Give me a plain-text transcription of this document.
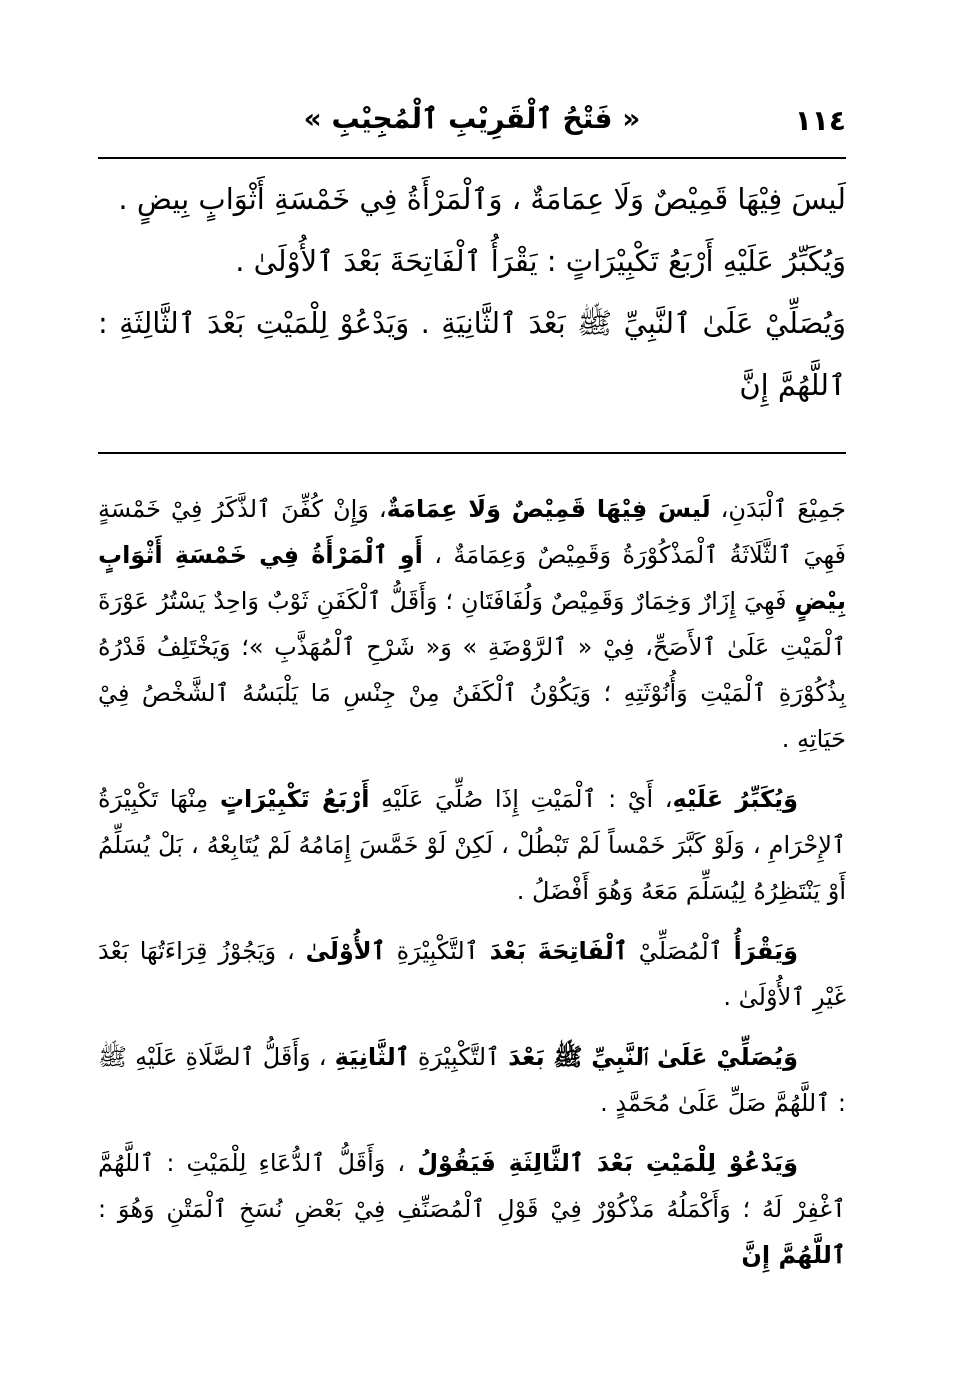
١١٤
« فَتْحُ ٱلْقَرِيْبِ ٱلْمُجِيْبِ »

لَيسَ فِيْهَا قَمِيْصٌ وَلَا عِمَامَةٌ ، وَٱلْمَرْأَةُ فِي خَمْسَةِ أَثْوَابٍ بِيضٍ .

وَيُكَبِّرُ عَلَيْهِ أَرْبَعُ تَكْبِيْرَاتٍ : يَقْرَأُ ٱلْفَاتِحَةَ بَعْدَ ٱلأُوْلَىٰ .

وَيُصَلِّيْ عَلَىٰ ٱلنَّبِيِّ ﷺ بَعْدَ ٱلثَّانِيَةِ . وَيَدْعُوْ لِلْمَيْتِ بَعْدَ ٱلثَّالِثَةِ : ٱللَّهُمَّ إِنَّ

جَمِيْعَ ٱلْبَدَنِ، لَيسَ فِيْهَا قَمِيْصٌ وَلَا عِمَامَةٌ، وَإِنْ كُفِّنَ ٱلذَّكَرُ فِيْ خَمْسَةٍ فَهِيَ ٱلثَّلَاثَةُ ٱلْمَذْكُوْرَةُ وَقَمِيْصٌ وَعِمَامَةٌ ، أَوِ ٱلْمَرْأَةُ فِي خَمْسَةِ أَثْوَابٍ بِيْضٍ فَهِيَ إِزَارٌ وَخِمَارٌ وَقَمِيْصٌ وَلُفَافَتَانِ ؛ وَأَقَلُّ ٱلْكَفَنِ ثَوْبٌ وَاحِدٌ يَسْتُرُ عَوْرَةَ ٱلْمَيْتِ عَلَىٰ ٱلأَصَحِّ، فِيْ « ٱلرَّوْضَةِ » وَ« شَرْحِ ٱلْمُهَذَّبِ »؛ وَيَخْتَلِفُ قَدْرُهُ بِذُكُوْرَةِ ٱلْمَيْتِ وَأُنُوْثَتِهِ ؛ وَيَكُوْنُ ٱلْكَفَنُ مِنْ جِنْسِ مَا يَلْبَسُهُ ٱلشَّخْصُ فِيْ حَيَاتِهِ .

وَيُكَبِّرُ عَلَيْهِ، أَيْ : ٱلْمَيْتِ إِذَا صُلِّيَ عَلَيْهِ أَرْبَعُ تَكْبِيْرَاتٍ مِنْهَا تَكْبِيْرَةُ ٱلإِحْرَامِ ، وَلَوْ كَبَّرَ خَمْساً لَمْ تَبْطُلْ ، لَكِنْ لَوْ خَمَّسَ إِمَامُهُ لَمْ يُتَابِعْهُ ، بَلْ يُسَلِّمُ أَوْ يَنْتَظِرُهُ لِيُسَلِّمَ مَعَهُ وَهُوَ أَفْضَلُ .

وَيَقْرَأُ ٱلْمُصَلِّيْ ٱلْفَاتِحَةَ بَعْدَ ٱلتَّكْبِيْرَةِ ٱلأُوْلَىٰ ، وَيَجُوْزُ قِرَاءَتُهَا بَعْدَ غَيْرِ ٱلأُوْلَىٰ .

وَيُصَلِّيْ عَلَىٰ ٱلنَّبِيِّ ﷺ بَعْدَ ٱلتَّكْبِيْرَةِ ٱلثَّانِيَةِ ، وَأَقَلُّ ٱلصَّلَاةِ عَلَيْهِ ﷺ : ٱللَّهُمَّ صَلِّ عَلَىٰ مُحَمَّدٍ .

وَيَدْعُوْ لِلْمَيْتِ بَعْدَ ٱلثَّالِثَةِ فَيَقُوْلُ ، وَأَقَلُّ ٱلدُّعَاءِ لِلْمَيْتِ : ٱللَّهُمَّ ٱغْفِرْ لَهُ ؛ وَأَكْمَلُهُ مَذْكُوْرٌ فِيْ قَوْلِ ٱلْمُصَنِّفِ فِيْ بَعْضِ نُسَخِ ٱلْمَتْنِ وَهُوَ : ٱللَّهُمَّ إِنَّ
